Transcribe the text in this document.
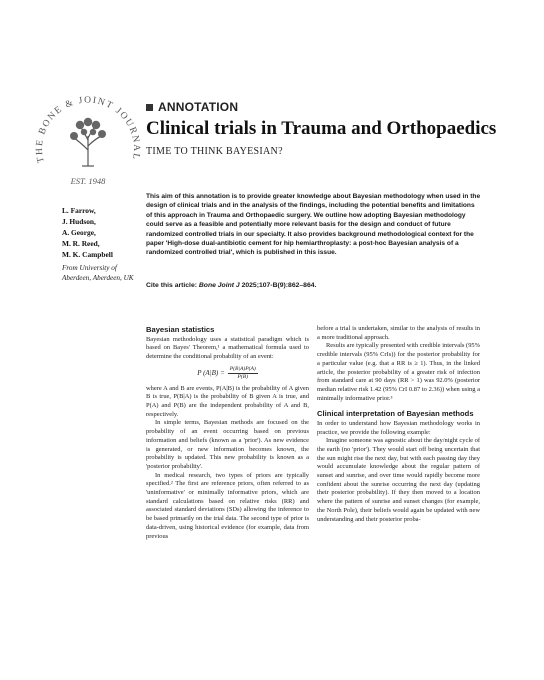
THE BONE & JOINT JOURNAL
EST. 1948
ANNOTATION
Clinical trials in Trauma and Orthopaedics
TIME TO THINK BAYESIAN?
L. Farrow,
J. Hudson,
A. George,
M. R. Reed,
M. K. Campbell
From University of Aberdeen, Aberdeen, UK
This aim of this annotation is to provide greater knowledge about Bayesian methodology when used in the design of clinical trials and in the analysis of the findings, including the potential benefits and limitations of this approach in Trauma and Orthopaedic surgery. We outline how adopting Bayesian methodology could serve as a feasible and potentially more relevant basis for the design and conduct of future randomized controlled trials in our specialty. It also provides background methodological context for the paper 'High-dose dual-antibiotic cement for hip hemiarthroplasty: a post-hoc Bayesian analysis of a randomized controlled trial', which is published in this issue.
Cite this article: Bone Joint J 2025;107-B(9):862–864.
Bayesian statistics

Bayesian methodology uses a statistical paradigm which is based on Bayes' Theorem,¹ a mathematical formula used to determine the conditional probability of an event:

P $(A|B) = \frac{P(B|A)P(A)}{P(B)}$

where A and B are events, P(A|B) is the probability of A given B is true, P(B|A) is the probability of B given A is true, and P(A) and P(B) are the independent probability of A and B, respectively.

In simple terms, Bayesian methods are focused on the probability of an event occurring based on previous information and beliefs (known as a 'prior'). As new evidence is generated, or new information becomes known, the probability is updated. This new probability is known as a 'posterior probability'.

In medical research, two types of priors are typically specified.² The first are reference priors, often referred to as 'uninformative' or minimally informative priors, which are standard calculations based on relative risks (RR) and associated standard deviations (SDs) allowing the inference to be based primarily on the trial data. The second type of prior is data-driven, using historical evidence (for example, data from previous

before a trial is undertaken, similar to the analysis of results in a more traditional approach.

Results are typically presented with credible intervals (95% credible intervals (95% CrIs)) for the posterior probability for a particular value (e.g. that a RR is ≥ 1). Thus, in the linked article, the posterior probability of a greater risk of infection from standard care at 90 days (RR > 1) was 92.0% (posterior median relative risk 1.42 (95% CrI 0.87 to 2.36)) when using a minimally informative prior.³

Clinical interpretation of Bayesian methods

In order to understand how Bayesian methodology works in practice, we provide the following example:

Imagine someone was agnostic about the day/night cycle of the earth (no 'prior'). They would start off being uncertain that the sun might rise the next day, but with each passing day they would accumulate knowledge about the regular pattern of sunset and sunrise, and over time would rapidly become more confident about the sunrise occurring the next day (updating their posterior probability). If they then moved to a location where the pattern of sunrise and sunset changes (for example, the North Pole), their beliefs would again be updated with new understanding and their posterior proba-
